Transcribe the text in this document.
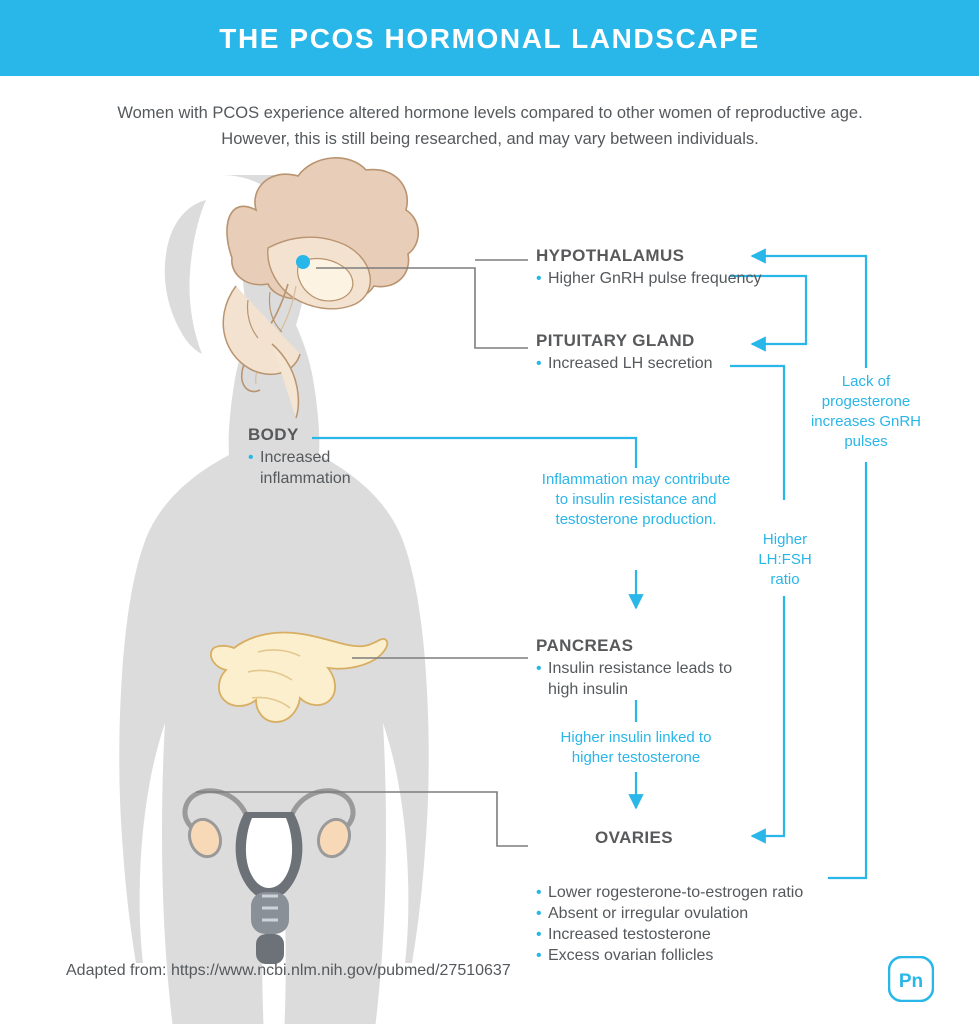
THE PCOS HORMONAL LANDSCAPE
Women with PCOS experience altered hormone levels compared to other women of reproductive age.
However, this is still being researched, and may vary between individuals.
HYPOTHALAMUS
• Higher GnRH pulse frequency
PITUITARY GLAND
• Increased LH secretion
BODY
• Increased inflammation
PANCREAS
• Insulin resistance leads to high insulin
OVARIES
• Lower rogesterone-to-estrogen ratio
• Absent or irregular ovulation
• Increased testosterone
• Excess ovarian follicles
Inflammation may contribute to insulin resistance and testosterone production.
Higher insulin linked to higher testosterone
Higher LH:FSH ratio
Lack of progesterone increases GnRH pulses
Adapted from: https://www.ncbi.nlm.nih.gov/pubmed/27510637
Pn
